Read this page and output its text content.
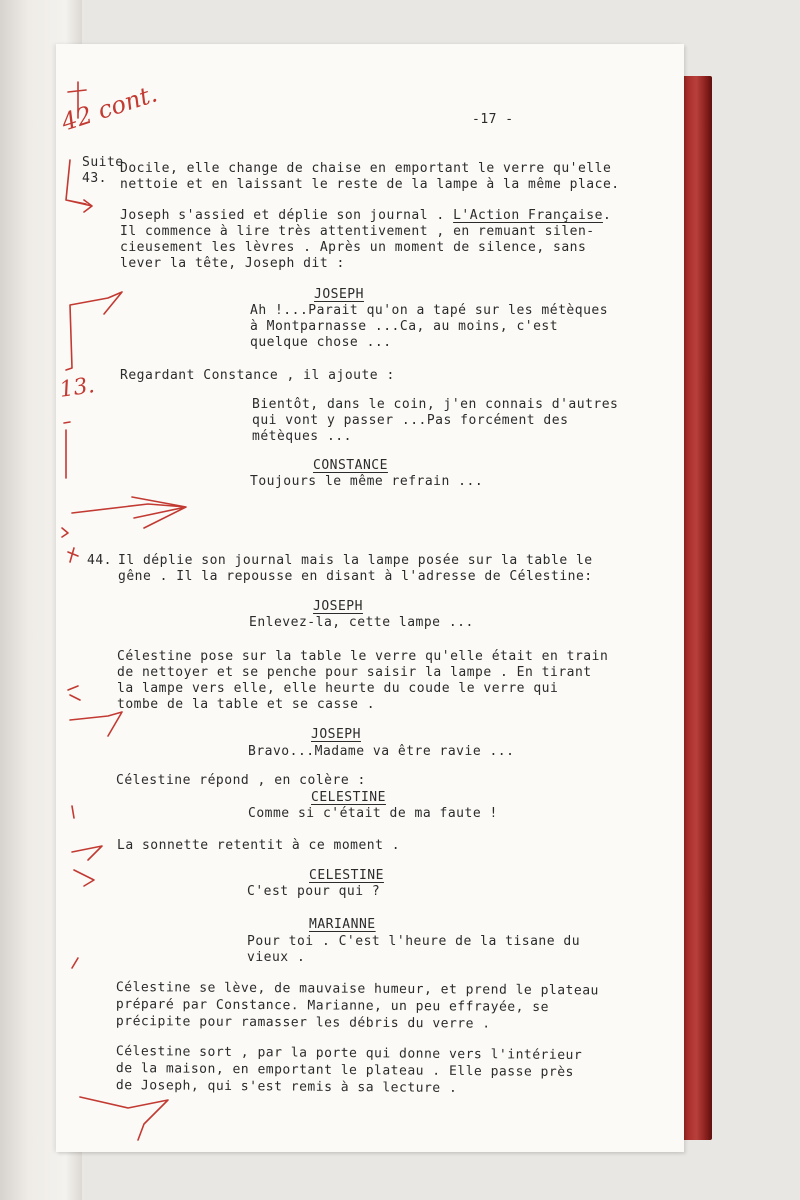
-17 -
Suite
43.
Docile, elle change de chaise en emportant le verre qu'elle
nettoie et en laissant le reste de la lampe à la même place.
Joseph s'assied et déplie son journal . L'Action Française.
Il commence à lire très attentivement , en remuant silen-
cieusement les lèvres . Après un moment de silence, sans
lever la tête, Joseph dit :
JOSEPH
Ah !...Parait qu'on a tapé sur les métèques
à Montparnasse ...Ca, au moins, c'est
quelque chose ...
Regardant Constance , il ajoute :
Bientôt, dans le coin, j'en connais d'autres
qui vont y passer ...Pas forcément des
métèques ...
CONSTANCE
Toujours le même refrain ...
44. Il déplie son journal mais la lampe posée sur la table le
gêne . Il la repousse en disant à l'adresse de Célestine:
JOSEPH
Enlevez-la, cette lampe ...
Célestine pose sur la table le verre qu'elle était en train
de nettoyer et se penche pour saisir la lampe . En tirant
la lampe vers elle, elle heurte du coude le verre qui
tombe de la table et se casse .
JOSEPH
Bravo...Madame va être ravie ...
Célestine répond , en colère :
CELESTINE
Comme si c'était de ma faute !
La sonnette retentit à ce moment .
CELESTINE
C'est pour qui ?
MARIANNE
Pour toi . C'est l'heure de la tisane du
vieux .
Célestine se lève, de mauvaise humeur, et prend le plateau
préparé par Constance. Marianne, un peu effrayée, se
précipite pour ramasser les débris du verre .
Célestine sort , par la porte qui donne vers l'intérieur
de la maison, en emportant le plateau . Elle passe près
de Joseph, qui s'est remis à sa lecture .
42 cont.
13.
